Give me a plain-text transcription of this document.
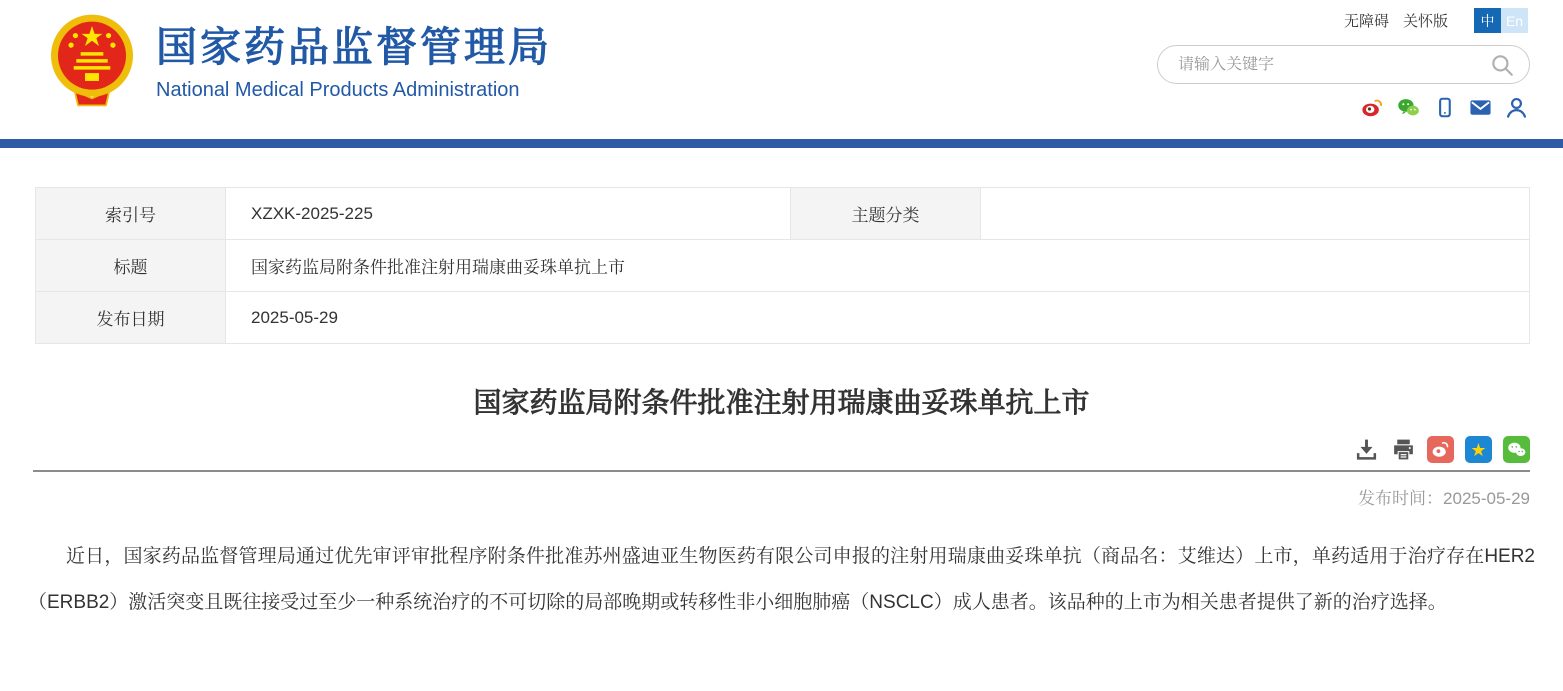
无障碍 关怀版	中 En
国家药品监督管理局
National Medical Products Administration
请输入关键字
索引号	XZXK-2025-225	主题分类	
标题	国家药监局附条件批准注射用瑞康曲妥珠单抗上市		
发布日期	2025-05-29		
国家药监局附条件批准注射用瑞康曲妥珠单抗上市
★
发布时间：2025-05-29

近日，国家药品监督管理局通过优先审评审批程序附条件批准苏州盛迪亚生物医药有限公司申报的注射用瑞康曲妥珠单抗（商品名：艾维达）上市，单药适用于治疗存在HER2（ERBB2）激活突变且既往接受过至少一种系统治疗的不可切除的局部晚期或转移性非小细胞肺癌（NSCLC）成人患者。该品种的上市为相关患者提供了新的治疗选择。
